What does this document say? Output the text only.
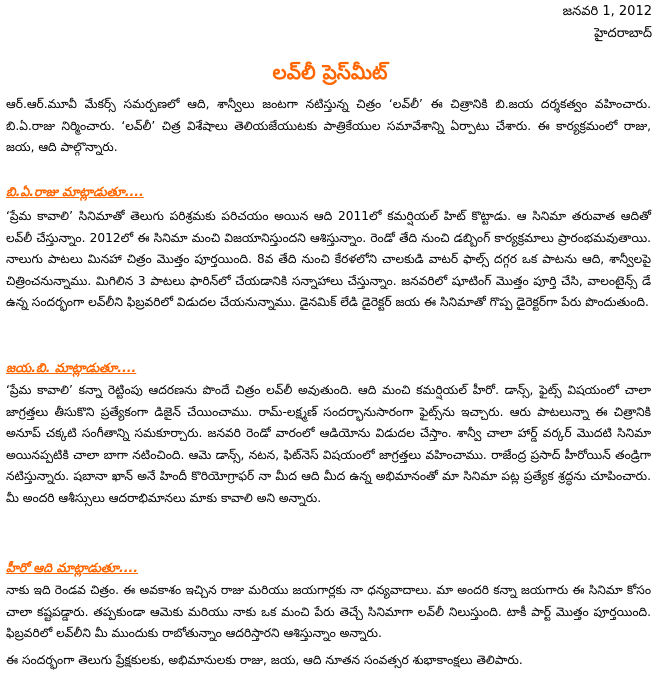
జనవరి 1, 2012
హైదరాబాద్
లవ్‌లీ ప్రెస్‌మీట్

ఆర్.ఆర్.మూవీ మేకర్స్ సమర్పణలో ఆది, శాన్వీలు జంటగా నటిస్తున్న చిత్రం ‘లవ్‌లీ’ ఈ చిత్రానికి బి.జయ దర్శకత్వం వహించారు. బి.ఏ.రాజు నిర్మించారు. ‘లవ్‌లీ’ చిత్ర విశేషాలు తెలియజేయుటకు పాత్రికేయుల సమావేశాన్ని ఏర్పాటు చేశారు. ఈ కార్యక్రమంలో రాజు, జయ, ఆది పాల్గొన్నారు.

బి.ఏ.రాజు మాట్లాడుతూ....

‘ప్రేమ కావాలి’ సినిమాతో తెలుగు పరిశ్రమకు పరిచయం అయిన ఆది 2011లో కమర్షియల్ హిట్ కొట్టాడు. ఆ సినిమా తరువాత ఆదితో లవ్‌లీ చేస్తున్నాం. 2012లో ఈ సినిమా మంచి విజయానిస్తుందని ఆశిస్తున్నాం. రెండో తేది నుంచి డబ్బింగ్ కార్యక్రమాలు ప్రారంభమవుతాయి. నాలుగు పాటలు మినహా చిత్రం మొత్తం పూర్తయింది. 8వ తేది నుంచి కేరళలోని చాలకుడి వాటర్ ఫాల్స్ దగ్గర ఒక పాటను ఆది, శాన్వీలపై చిత్రించనున్నాము. మిగిలిన 3 పాటలు ఫారిన్‌లో చేయడానికి సన్నాహాలు చేస్తున్నాం. జనవరిలో షూటింగ్ మొత్తం పూర్తి చేసి, వాలంటైన్స్ డే ఉన్న సందర్భంగా లవ్‌లీని ఫిబ్రవరిలో విడుదల చేయనున్నాము. డైనమిక్ లేడి డైరెక్టర్ జయ ఈ సినిమాతో గొప్ప డైరెక్టర్‌గా పేరు పొందుతుంది.

జయ.బి. మాట్లాడుతూ....

‘ప్రేమ కావాలి’ కన్నా రెట్టింపు ఆదరణను పొందే చిత్రం లవ్‌లీ అవుతుంది. ఆది మంచి కమర్షియల్ హీరో. డాన్స్, ఫైట్స్ విషయంలో చాలా జాగ్రత్తలు తీసుకొని ప్రత్యేకంగా డిజైన్ చేయించాము. రామ్-లక్ష్మణ్ సందర్భానుసారంగా ఫైట్స్‌ను ఇచ్చారు. ఆరు పాటలున్నా ఈ చిత్రానికి అనూప్ చక్కటి సంగీతాన్ని సమకూర్చారు. జనవరి రెండో వారంలో ఆడియోను విడుదల చేస్తాం. శాన్వీ చాలా హార్డ్ వర్కర్ మొదటి సినిమా అయినప్పటికి చాలా బాగా నటించింది. ఆమె డాన్స్, నటన, ఫిట్‌నెస్ విషయంలో జాగ్రత్తలు వహించాము. రాజేంద్ర ప్రసాద్ హీరోయిన్ తండ్రిగా నటిస్తున్నారు. షబానా ఖాన్ అనే హిందీ కొరియోగ్రాఫర్ నా మీద ఆది మీద ఉన్న అభిమానంతో మా సినిమా పట్ల ప్రత్యేక శ్రద్ధను చూపించారు. మీ అందరి ఆశీస్సులు ఆదరాభిమానలు మాకు కావాలి అని అన్నారు.

హీరో ఆది మాట్లాడుతూ....

నాకు ఇది రెండవ చిత్రం. ఈ అవకాశం ఇచ్చిన రాజు మరియు జయగార్లకు నా ధన్యవాదాలు. మా అందరి కన్నా జయగారు ఈ సినిమా కోసం చాలా కష్టపడ్డారు. తప్పకుండా ఆమెకు మరియు నాకు ఒక మంచి పేరు తెచ్చే సినిమాగా లవ్‌లీ నిలుస్తుంది. టాకీ పార్ట్ మొత్తం పూర్తయింది. ఫిబ్రవరిలో లవ్‌లీని మీ ముందుకు రాబోతున్నాం ఆదరిస్తారని ఆశిస్తున్నాం అన్నారు.

ఈ సందర్భంగా తెలుగు ప్రేక్షకులకు, అభిమానులకు రాజు, జయ, ఆది నూతన సంవత్సర శుభాకాంక్షలు తెలిపారు.
